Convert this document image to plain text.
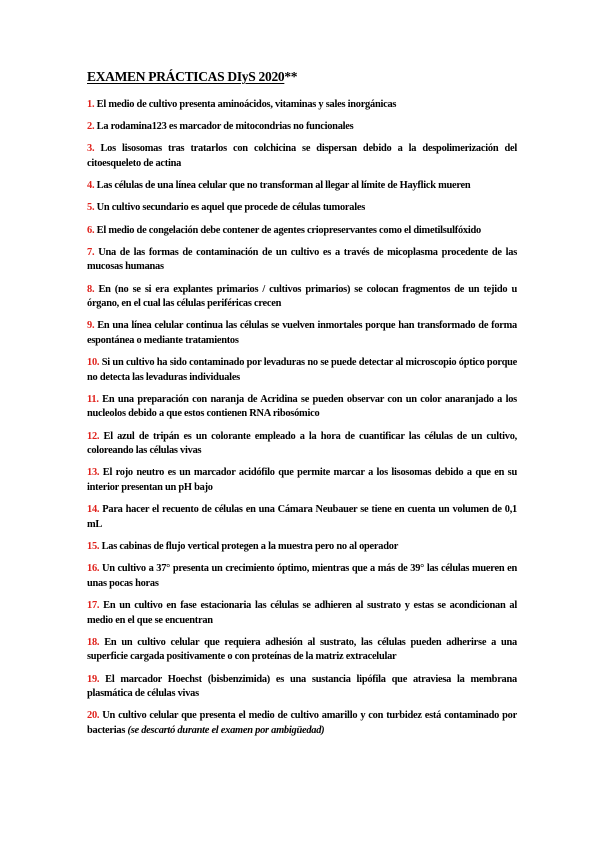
EXAMEN PRÁCTICAS DIyS 2020**

1. El medio de cultivo presenta aminoácidos, vitaminas y sales inorgánicas

2. La rodamina123 es marcador de mitocondrias no funcionales

3. Los lisosomas tras tratarlos con colchicina se dispersan debido a la despolimerización del citoesqueleto de actina

4. Las células de una línea celular que no transforman al llegar al límite de Hayflick mueren

5. Un cultivo secundario es aquel que procede de células tumorales

6. El medio de congelación debe contener de agentes criopreservantes como el dimetilsulfóxido

7. Una de las formas de contaminación de un cultivo es a través de micoplasma procedente de las mucosas humanas

8. En (no se si era explantes primarios / cultivos primarios) se colocan fragmentos de un tejido u órgano, en el cual las células periféricas crecen

9. En una línea celular continua las células se vuelven inmortales porque han transformado de forma espontánea o mediante tratamientos

10. Si un cultivo ha sido contaminado por levaduras no se puede detectar al microscopio óptico porque no detecta las levaduras individuales

11. En una preparación con naranja de Acridina se pueden observar con un color anaranjado a los nucleolos debido a que estos contienen RNA ribosómico

12. El azul de tripán es un colorante empleado a la hora de cuantificar las células de un cultivo, coloreando las células vivas

13. El rojo neutro es un marcador acidófilo que permite marcar a los lisosomas debido a que en su interior presentan un pH bajo

14. Para hacer el recuento de células en una Cámara Neubauer se tiene en cuenta un volumen de 0,1 mL

15. Las cabinas de flujo vertical protegen a la muestra pero no al operador

16. Un cultivo a 37° presenta un crecimiento óptimo, mientras que a más de 39° las células mueren en unas pocas horas

17. En un cultivo en fase estacionaria las células se adhieren al sustrato y estas se acondicionan al medio en el que se encuentran

18. En un cultivo celular que requiera adhesión al sustrato, las células pueden adherirse a una superficie cargada positivamente o con proteínas de la matriz extracelular

19. El marcador Hoechst (bisbenzimida) es una sustancia lipófila que atraviesa la membrana plasmática de células vivas

20. Un cultivo celular que presenta el medio de cultivo amarillo y con turbidez está contaminado por bacterias (se descartó durante el examen por ambigüedad)
